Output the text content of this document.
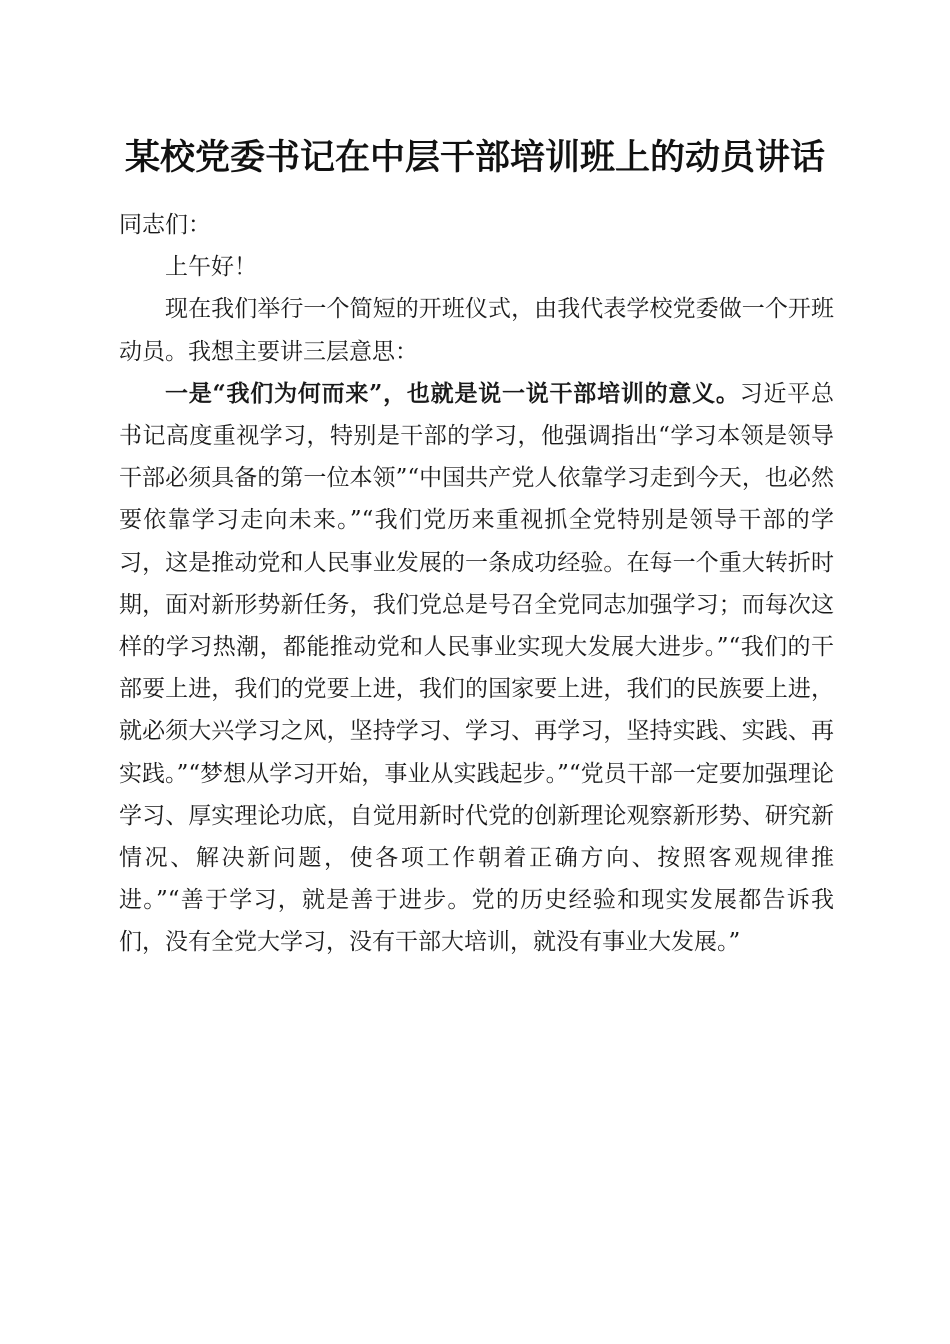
某校党委书记在中层干部培训班上的动员讲话

同志们：

上午好！

现在我们举行一个简短的开班仪式，由我代表学校党委做一个开班动员。我想主要讲三层意思：

一是“我们为何而来”，也就是说一说干部培训的意义。习近平总书记高度重视学习，特别是干部的学习，他强调指出“学习本领是领导干部必须具备的第一位本领”“中国共产党人依靠学习走到今天，也必然要依靠学习走向未来。”“我们党历来重视抓全党特别是领导干部的学习，这是推动党和人民事业发展的一条成功经验。在每一个重大转折时期，面对新形势新任务，我们党总是号召全党同志加强学习；而每次这样的学习热潮，都能推动党和人民事业实现大发展大进步。”“我们的干部要上进，我们的党要上进，我们的国家要上进，我们的民族要上进，就必须大兴学习之风，坚持学习、学习、再学习，坚持实践、实践、再实践。”“梦想从学习开始，事业从实践起步。”“党员干部一定要加强理论学习、厚实理论功底，自觉用新时代党的创新理论观察新形势、研究新情况、解决新问题，使各项工作朝着正确方向、按照客观规律推进。”“善于学习，就是善于进步。党的历史经验和现实发展都告诉我们，没有全党大学习，没有干部大培训，就没有事业大发展。”
